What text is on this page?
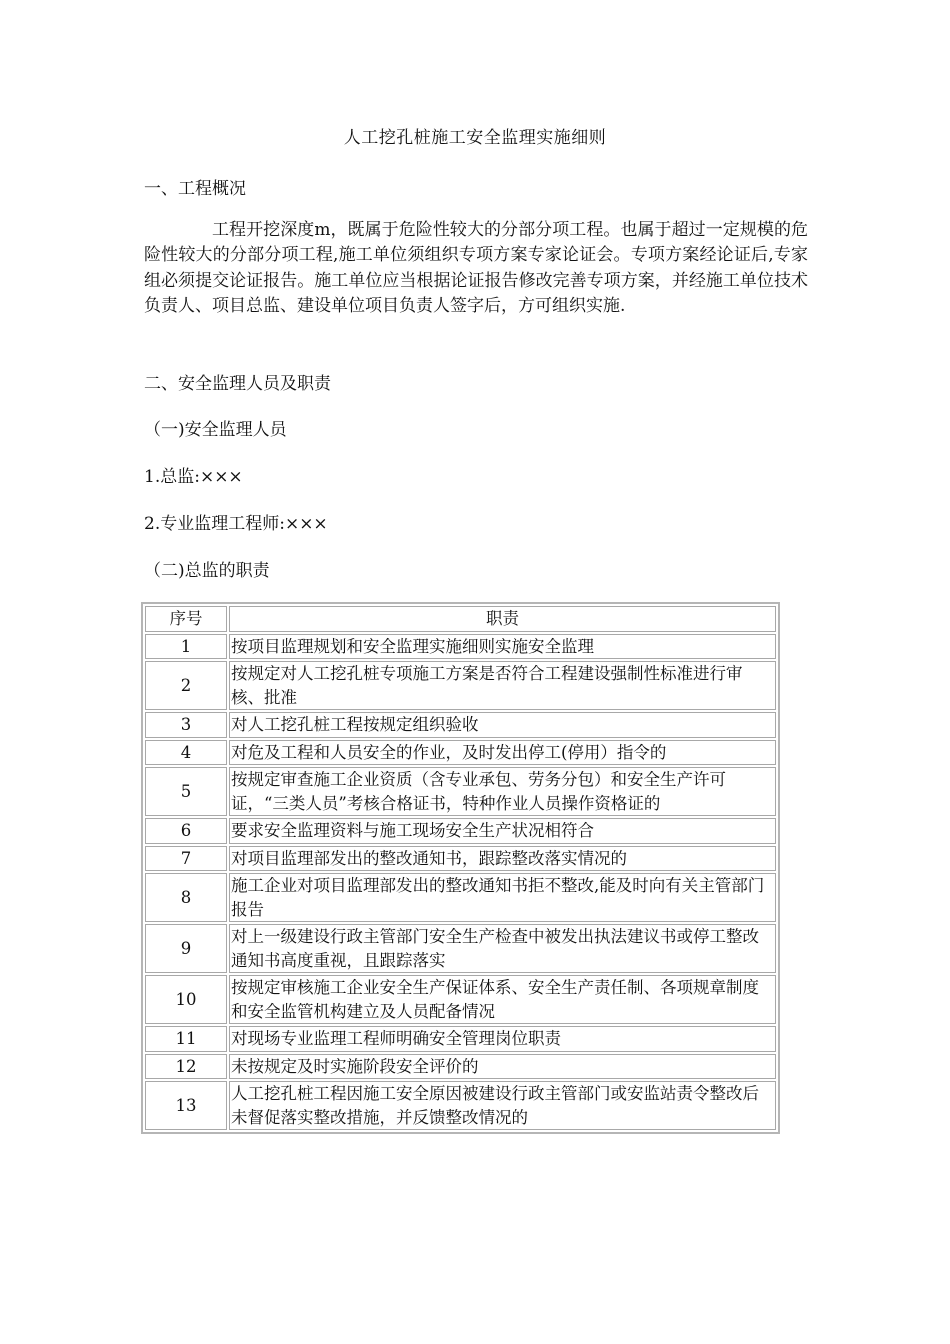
人工挖孔桩施工安全监理实施细则
一、工程概况
工程开挖深度m，既属于危险性较大的分部分项工程。也属于超过一定规模的危险性较大的分部分项工程,施工单位须组织专项方案专家论证会。专项方案经论证后,专家组必须提交论证报告。施工单位应当根据论证报告修改完善专项方案，并经施工单位技术负责人、项目总监、建设单位项目负责人签字后，方可组织实施.
二、安全监理人员及职责
（一)安全监理人员
1.总监:×××
2.专业监理工程师:×××
（二)总监的职责
序号	职责
1	按项目监理规划和安全监理实施细则实施安全监理
2	按规定对人工挖孔桩专项施工方案是否符合工程建设强制性标准进行审核、批准
3	对人工挖孔桩工程按规定组织验收
4	对危及工程和人员安全的作业，及时发出停工(停用）指令的
5	按规定审查施工企业资质（含专业承包、劳务分包）和安全生产许可证，“三类人员”考核合格证书，特种作业人员操作资格证的
6	要求安全监理资料与施工现场安全生产状况相符合
7	对项目监理部发出的整改通知书，跟踪整改落实情况的
8	施工企业对项目监理部发出的整改通知书拒不整改,能及时向有关主管部门报告
9	对上一级建设行政主管部门安全生产检查中被发出执法建议书或停工整改通知书高度重视，且跟踪落实
10	按规定审核施工企业安全生产保证体系、安全生产责任制、各项规章制度和安全监管机构建立及人员配备情况
11	对现场专业监理工程师明确安全管理岗位职责
12	未按规定及时实施阶段安全评价的
13	人工挖孔桩工程因施工安全原因被建设行政主管部门或安监站责令整改后未督促落实整改措施，并反馈整改情况的
